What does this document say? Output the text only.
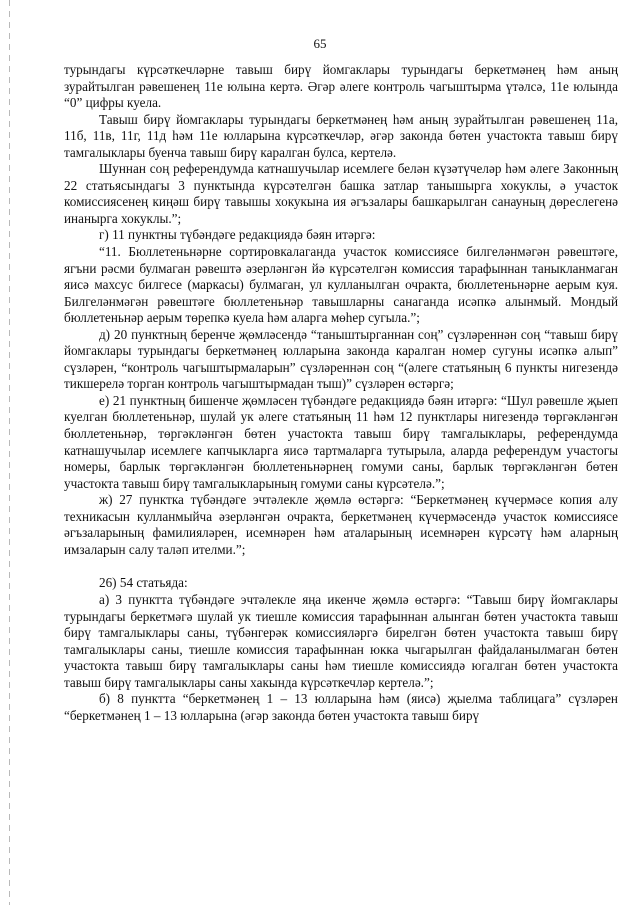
65

турындагы күрсәткечләрне тавыш бирү йомгаклары турындагы беркетмәнең һәм аның зурайтылган рәвешенең 11е юлына кертә. Әгәр әлеге контроль чагыштырма үтәлсә, 11е юлында “0” цифры куела.

Тавыш бирү йомгаклары турындагы беркетмәнең һәм аның зурайтылган рәвешенең 11а, 11б, 11в, 11г, 11д һәм 11е юлларына күрсәткечләр, әгәр законда бөтен участокта тавыш бирү тамгалыклары буенча тавыш бирү каралган булса, кертелә.

Шуннан соң референдумда катнашучылар исемлеге белән күзәтүчеләр һәм әлеге Законның 22 статьясындагы 3 пунктында күрсәтелгән башка затлар танышырга хокуклы, ә участок комиссиясенең киңәш бирү тавышы хокукына ия әгъзалары башкарылган санауның дөреслегенә инанырга хокуклы.”;

г) 11 пунктны түбәндәге редакциядә бәян итәргә:

“11. Бюллетеньнәрне сортировкалаганда участок комиссиясе билгеләнмәгән рәвештәге, ягъни рәсми булмаган рәвештә әзерләнгән йә күрсәтелгән комиссия тарафыннан таныкланмаган яисә махсус билгесе (маркасы) булмаган, ул кулланылган очракта, бюллетеньнәрне аерым куя. Билгеләнмәгән рәвештәге бюллетеньнәр тавышларны санаганда исәпкә алынмый. Мондый бюллетеньнәр аерым төрепкә куела һәм аларга мөһер сугыла.”;

д) 20 пунктның беренче җөмләсендә “таныштырганнан соң” сүзләреннән соң “тавыш бирү йомгаклары турындагы беркетмәнең юлларына законда каралган номер сугуны исәпкә алып” сүзләрен, “контроль чагыштырмаларын” сүзләреннән соң “(әлеге статьяның 6 пункты нигезендә тикшерелә торган контроль чагыштырмадан тыш)” сүзләрен өстәргә;

е) 21 пунктның бишенче җөмләсен түбәндәге редакциядә бәян итәргә: “Шул рәвешле җыеп куелган бюллетеньнәр, шулай ук әлеге статьяның 11 һәм 12 пунктлары нигезендә төргәкләнгән бюллетеньнәр, төргәкләнгән бөтен участокта тавыш бирү тамгалыклары, референдумда катнашучылар исемлеге капчыкларга яисә тартмаларга тутырыла, аларда референдум участогы номеры, барлык төргәкләнгән бюллетеньнәрнең гомуми саны, барлык төргәкләнгән бөтен участокта тавыш бирү тамгалыкларының гомуми саны күрсәтелә.”;

ж) 27 пунктка түбәндәге эчтәлекле җөмлә өстәргә: “Беркетмәнең күчермәсе копия алу техникасын кулланмыйча әзерләнгән очракта, беркетмәнең күчермәсендә участок комиссиясе әгъзаларының фамилияләрен, исемнәрен һәм аталарының исемнәрен күрсәтү һәм аларның имзаларын салу таләп ителми.”;

26) 54 статьяда:

а) 3 пунктта түбәндәге эчтәлекле яңа икенче җөмлә өстәргә: “Тавыш бирү йомгаклары турындагы беркетмәгә шулай ук тиешле комиссия тарафыннан алынган бөтен участокта тавыш бирү тамгалыклары саны, түбәнгерәк комиссияләргә бирелгән бөтен участокта тавыш бирү тамгалыклары саны, тиешле комиссия тарафыннан юкка чыгарылган файдаланылмаган бөтен участокта тавыш бирү тамгалыклары саны һәм тиешле комиссиядә югалган бөтен участокта тавыш бирү тамгалыклары саны хакында күрсәткечләр кертелә.”;

б) 8 пунктта “беркетмәнең 1 – 13 юлларына һәм (яисә) җыелма таблицага” сүзләрен “беркетмәнең 1 – 13 юлларына (әгәр законда бөтен участокта тавыш бирү
